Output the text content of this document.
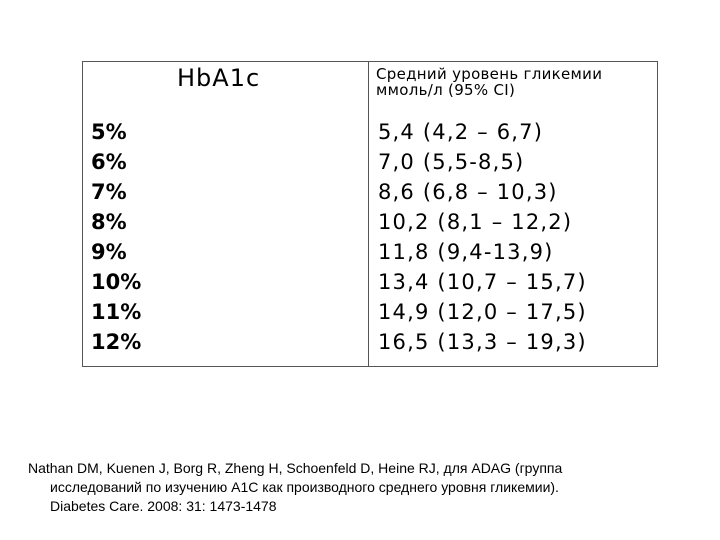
HbA1c	Средний уровень гликемии
ммоль/л (95% CI)
5%
6%
7%
8%
9%
10%
11%
12%
5,4 (4,2 – 6,7)
7,0 (5,5-8,5)
8,6 (6,8 – 10,3)
10,2 (8,1 – 12,2)
11,8 (9,4-13,9)
13,4 (10,7 – 15,7)
14,9 (12,0 – 17,5)
16,5 (13,3 – 19,3)
Nathan DM, Kuenen J, Borg R, Zheng H, Schoenfeld D, Heine RJ, для ADAG (группа
исследований по изучению A1C как производного среднего уровня гликемии).
Diabetes Care. 2008: 31: 1473-1478
